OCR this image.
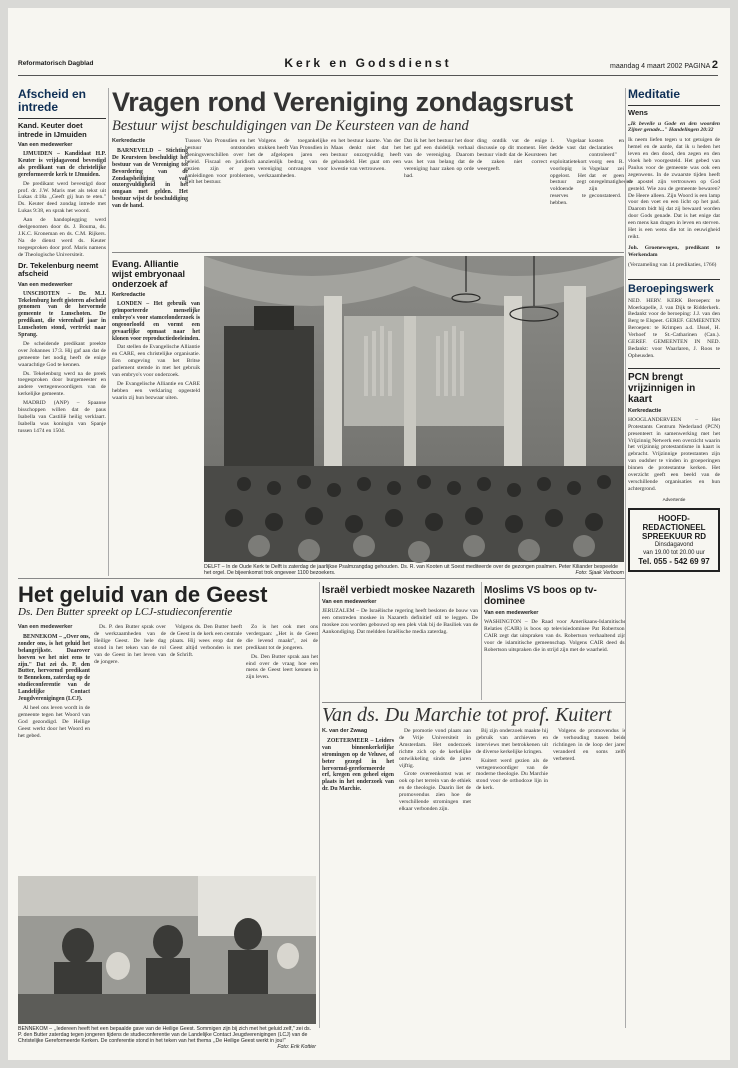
Reformatorisch Dagblad	Kerk en Godsdienst	maandag 4 maart 2002 PAGINA 2
Afscheid en intrede
Kand. Keuter doet intrede in IJmuiden
Van een medewerker

IJMUIDEN – Kandidaat H.P. Keuter is vrijdagavond bevestigd als predikant van de christelijke gereformeerde kerk te IJmuiden.

De predikant werd bevestigd door prof. dr. J.W. Maris met als tekst uit Lukas 4:18a ,,Geeft gij hun te eten." Ds. Keuter deed zondag intrede met Lukas 9:38, en sprak het woord.

Aan de handoplegging werd deelgenomen door ds. J. Bouma, ds. J.K.C. Kroneman en ds. C.M. Rijkers. Na de dienst werd ds. Keuter toegesproken door prof. Maris namens de Theologische Universiteit.

Dr. Tekelenburg neemt afscheid
Van een medewerker

UNSCHOTEN – Dr. M.J. Tekelenburg heeft gisteren afscheid genomen van de hervormde gemeente te Lunschoten. De predikant, die vierenhalf jaar in Lunschoten stond, vertrekt naar Sprang.

De scheidende predikant preekte over Johannes 17:3. Hij gaf aan dat de gemeente het nodig heeft de enige waarachtige God te kennen.

Ds. Tekelenburg werd na de preek toegesproken door burgemeester en andere vertegenwoordigers van de kerkelijke gemeente.

MADRID (ANP) – Spaanse bisschoppen willen dat de paus Isabella van Castilië heilig verklaart. Isabella was koningin van Spanje tussen 1474 en 1504.

Vragen rond Vereniging zondagsrust
Bestuur wijst beschuldigingen van De Keursteen van de hand
Kerkredactie

BARNEVELD – Stichting De Keursteen beschuldigt het bestuur van de Vereniging tot Bevordering van de Zondagsheiliging van onzorgvuldigheid in het omgaan met gelden. Het bestuur wijst de beschuldiging van de hand.

Tussen Van Pronsdien en het bestuur ontstonden meningsverschillen over het beleid. Fiscaal en juridisch gezien zijn er geen aanleidingen voor problemen, stelt het bestuur.
Volgens de toegankelijke stukken heeft Van Pronsdien in de afgelopen jaren een aanzienlijk bedrag van de vereniging ontvangen voor werkzaamheden.
en het bestuur kaarte. Van der Maas denkt niet dat het bestuur onzorgvuldig heeft gehandeld. Het gaat om een kwestie van vertrouwen.
Dat ik het het bestuur het door het gaf een duidelijk verhaal van de vereniging. Daarom was het van belang dat de vereniging haar zaken op orde had.
ding ontdik vat de enige discussie op dit moment. Het bestuur vindt dat de Keursteen de zaken niet correct weergeeft.
1. Vogelaar dedde vast dat het exploitatietekort voorlopig is opgelost. Het bestuur zegt voldoende reserves te hebben.
kosten en declaraties controleerd" voorg een R. Vogelaar zei dat er geen onregelmatigheden zijn geconstateerd.
Evang. Alliantie wijst embryonaal onderzoek af
Kerkredactie

LONDEN – Het gebruik van geïmporteerde menselijke embryo's voor stamcelonderzoek is ongeoorloofd en vormt een gevaarlijke opmaat naar het klonen voor reproductiedoeleinden.

Dat stellen de Evangelische Alliantie en CARE, een christelijke organisatie. Een omgeving van het Britse parlement stemde in met het gebruik van embryo's voor onderzoek.

De Evangelische Alliantie en CARE hebben een verklaring opgesteld waarin zij hun bezwaar uiten.

DELFT – In de Oude Kerk te Delft is zaterdag de jaarlijkse Psalmzangdag gehouden. Ds. R. van Kooten uit Soest mediteerde over de gezongen psalmen. Peter Kiliander bespeelde het orgel. De bijeenkomst trok ongeveer 1100 bezoekers.	Foto: Sjaak Verboom
Het geluid van de Geest
Ds. Den Butter spreekt op LCJ-studieconferentie
Van een medewerker

BENNEKOM – ,,Over ons, zonder ons, is het geluid het belangrijkste. Daarover hoeven we het niet eens te zijn." Dat zei ds. P. den Butter, hervormd predikant te Bennekom, zaterdag op de studieconferentie van de Landelijke Contact Jeugdverenigingen (LCJ).

Al heel ons leven wordt in de gemeente tegen het Woord van God gezondigd. De Heilige Geest werkt door het Woord en het gebed.

Ds. P. den Butter sprak over de werkzaamheden van de Heilige Geest. De hele dag stond in het teken van de rol van de Geest in het leven van de jongere.

Volgens ds. Den Butter heeft de Geest in de kerk een centrale plaats. Hij wees erop dat de Geest altijd verbonden is met de Schrift.

Zo is het ook met ons verdergaan: ,,Het is de Geest die levend maakt", zei de predikant tot de jongeren.

Ds. Den Butter sprak aan het eind over de vraag hoe een mens de Geest leert kennen in zijn leven.

BENNEKOM – ,,Iedereen heeft het een bepaalde gave van de Heilige Geest. Sommigen zijn bij zich met het geluid zelf," zei ds. P. den Butter zaterdag tegen jongeren tijdens de studieconferentie van de Landelijke Contact Jeugdverenigingen (LCJ) van de Christelijke Gereformeerde Kerken. De conferentie stond in het teken van het thema ,,De Heilige Geest werkt in jou!"
Foto: Erik Kottier
Israël verbiedt moskee Nazareth
Van een medewerker
JERUZALEM – De Israëlische regering heeft besloten de bouw van een omstreden moskee in Nazareth definitief stil te leggen. De moskee zou worden gebouwd op een plek vlak bij de Basiliek van de Aankondiging. Dat meldden Israëlische media zaterdag.
Moslims VS boos op tv-dominee
Van een medewerker
WASHINGTON – De Raad voor Amerikaans-Islamitische Relaties (CAIR) is boos op televisiedominee Pat Robertson. CAIR zegt dat uitspraken van ds. Robertson verhaaltend zijn voor de islamitische gemeenschap. Volgens CAIR deed ds. Robertson uitspraken die in strijd zijn met de waarheid.
Van ds. Du Marchie tot prof. Kuitert
K. van der Zwaag

ZOETERMEER – Leiders van binnenkerkelijke stromingen op de Veluwe, of beter gezegd in het hervormd-gereformeerde erf, kregen een geheel eigen plaats in het onderzoek van dr. Du Marchie.

De promotie vond plaats aan de Vrije Universiteit in Amsterdam. Het onderzoek richtte zich op de kerkelijke ontwikkeling sinds de jaren vijftig.

Grote overeenkomst was er ook op het terrein van de ethiek en de theologie. Daarin liet de promovendus zien hoe de verschillende stromingen met elkaar verbonden zijn.

Bij zijn onderzoek maakte hij gebruik van archieven en interviews met betrokkenen uit de diverse kerkelijke kringen.

Kuitert werd gezien als de vertegenwoordiger van de moderne theologie. Du Marchie stond voor de orthodoxe lijn in de kerk.

Volgens de promovendus is de verhouding tussen beide richtingen in de loop der jaren veranderd en soms zelfs verbeterd.

Meditatie
Wens
,,Ik beveile u Gode en den woorden Zijner genade..." Handelingen 20:32
Ik neem liefen tegen u tot getuigen de hemel en de aarde, dat ik u heden het leven en den dood, den zegen en den vloek heb voorgesteld. Het gebed van Paulus voor de gemeente was ook een zegenwens. In de zwaarste tijden heeft de apostel zijn vertrouwen op God gesteld. Wie zou de gemeente bewaren? De Heere alleen. Zijn Woord is een lamp voor den voet en een licht op het pad. Daarom bidt hij dat zij bewaard worden door Gods genade. Dat is het enige dat een mens kan dragen in leven en sterven. Het is een wens die tot in eeuwigheid reikt.
Joh. Groenewegen, predikant te Werkendam
(Verzameling van 14 predikaties, 1766)
Beroepingswerk
NED. HERV. KERK Beroepen: te Moerkapelle, J. van Dijk te Ridderkerk. Bedankt voor de beroeping: J.J. van den Berg te Elspeet. GEREF. GEMEENTEN Beroepen: te Krimpen a.d. IJssel, H. Verhoef te St.-Catharinen (Can.). GEREF. GEMEENTEN IN NED. Bedankt: voor Waarlaren, J. Roos te Opheusden.
PCN brengt vrijzinnigen in kaart
Kerkredactie
HOOGLANDERVEEN – Het Protestants Centrum Nederland (PCN) presenteert in samenwerking met het Vrijzinnig Netwerk een overzicht waarin het vrijzinnig protestantisme in kaart is gebracht. Vrijzinnige protestanten zijn van oudsher te vinden in groeperingen binnen de protestantse kerken. Het overzicht geeft een beeld van de verschillende organisaties en hun achtergrond.
Advertentie
HOOFD-REDACTIONEEL SPREEKUUR RD
Dinsdagavond
van 19.00 tot 20.00 uur
Tel. 055 - 542 69 97
